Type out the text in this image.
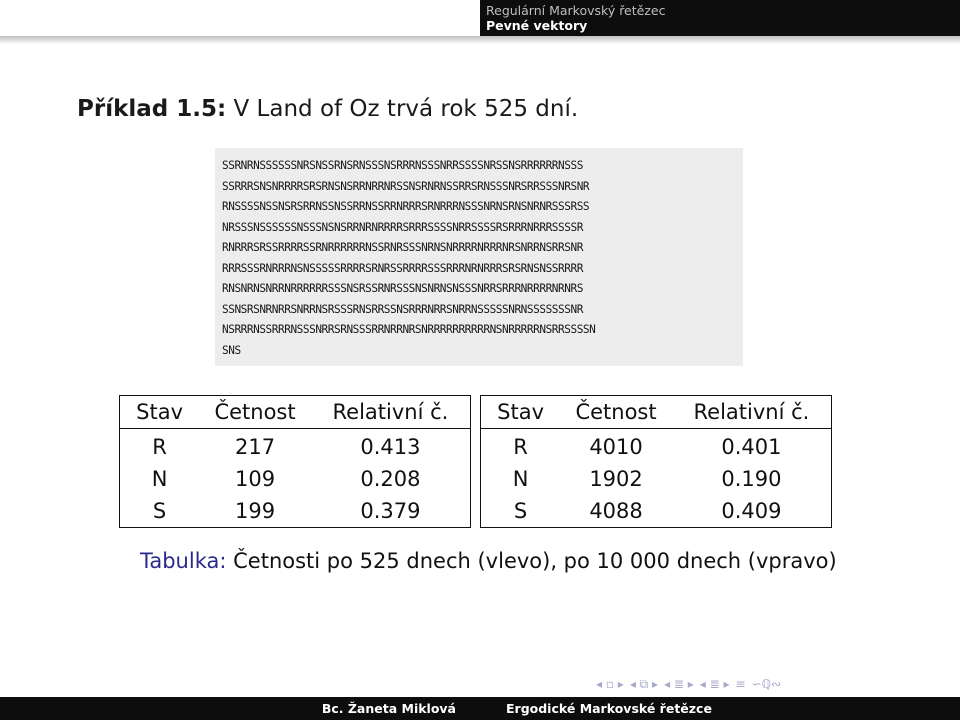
Regulární Markovský řetězec
Pevné vektory
Příklad 1.5: V Land of Oz trvá rok 525 dní.
SSRNRNSSSSSSNRSNSSRNSRNSSSNSRRRNSSSNRRSSSSNRSSNSRRRRRRNSSS
SSRRRSNSNRRRRSRSRNSNSRRNRRNRSSNSRNRNSSRRSRNSSSNRSRRSSSNRSNR
RNSSSSNSSNSRSRRNSSNSSRRNSSRRNRRRSRNRRRNSSSNRNSRNSNRNRSSSRSS
NRSSSNSSSSSSNSSSNSNSRRNRNRRRRSRRRSSSSNRRSSSSRSRRRNRRRSSSSR
RNRRRSRSSRRRRSSRNRRRRRRNSSRNRSSSNRNSNRRRRNRRRNRSNRRNSRRSNR
RRRSSSRNRRRNSNSSSSSRRRRSRNRSSRRRRSSSRRRNRNRRRSRSRNSNSSRRRR
RNSNRNSNRRNRRRRRRSSSNSRSSRNRSSSNSNRNSNSSSNRRSRRRNRRRRNRNRS
SSNSRSNRNRRSNRRNSRSSSRNSRRSSNSRRRNRRSNRRNSSSSSNRNSSSSSSSNR
NSRRRNSSRRRNSSSNRRSRNSSSRRNRRNRSNRRRRRRRRRRNSNRRRRRNSRRSSSSN
SNS
Stav	Četnost	Relativní č.
R	217	0.413
N	109	0.208
S	199	0.379
Stav	Četnost	Relativní č.
R	4010	0.401
N	1902	0.190
S	4088	0.409
Tabulka: Četnosti po 525 dnech (vlevo), po 10 000 dnech (vpravo)
◂ ▫ ▸ ◂ ⧉ ▸ ◂ ≣ ▸ ◂ ≣ ▸ ≡ ∽ℚ∾
Bc. Žaneta Miklová	Ergodické Markovské řetězce
